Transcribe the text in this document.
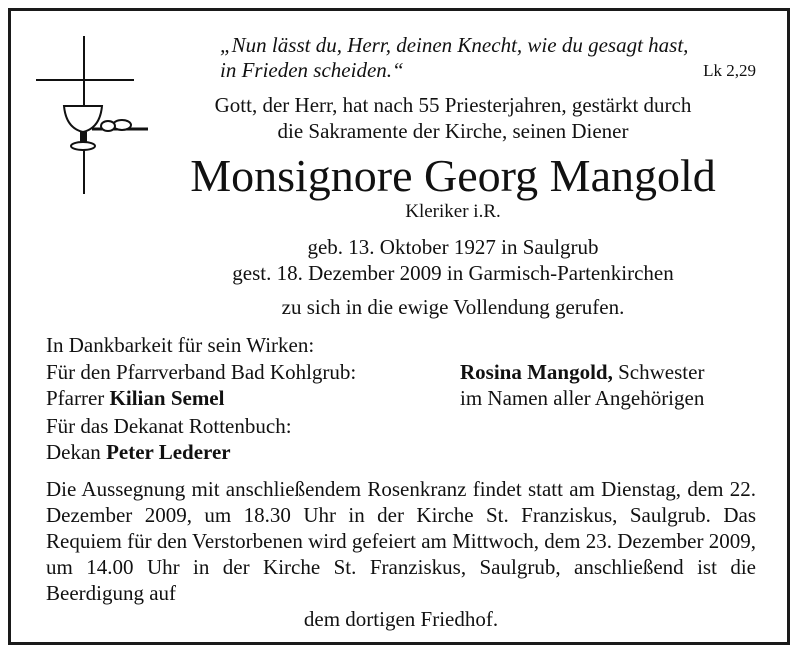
„Nun lässt du, Herr, deinen Knecht, wie du gesagt hast,
in Frieden scheiden.“	Lk 2,29
Gott, der Herr, hat nach 55 Priesterjahren, gestärkt durch
die Sakramente der Kirche, seinen Diener
Monsignore Georg Mangold
Kleriker i.R.
geb. 13. Oktober 1927 in Saulgrub
gest. 18. Dezember 2009 in Garmisch-Partenkirchen
zu sich in die ewige Vollendung gerufen.
In Dankbarkeit für sein Wirken:
Für den Pfarrverband Bad Kohlgrub:
Pfarrer Kilian Semel
Für das Dekanat Rottenbuch:
Dekan Peter Lederer
Rosina Mangold, Schwester
im Namen aller Angehörigen
Die Aussegnung mit anschließendem Rosenkranz findet statt am Dienstag, dem 22. Dezember 2009, um 18.30 Uhr in der Kirche St. Franziskus, Saulgrub. Das Requiem für den Verstorbenen wird gefeiert am Mittwoch, dem 23. Dezember 2009, um 14.00 Uhr in der Kirche St. Franziskus, Saulgrub, anschließend ist die Beerdigung auf
dem dortigen Friedhof.
